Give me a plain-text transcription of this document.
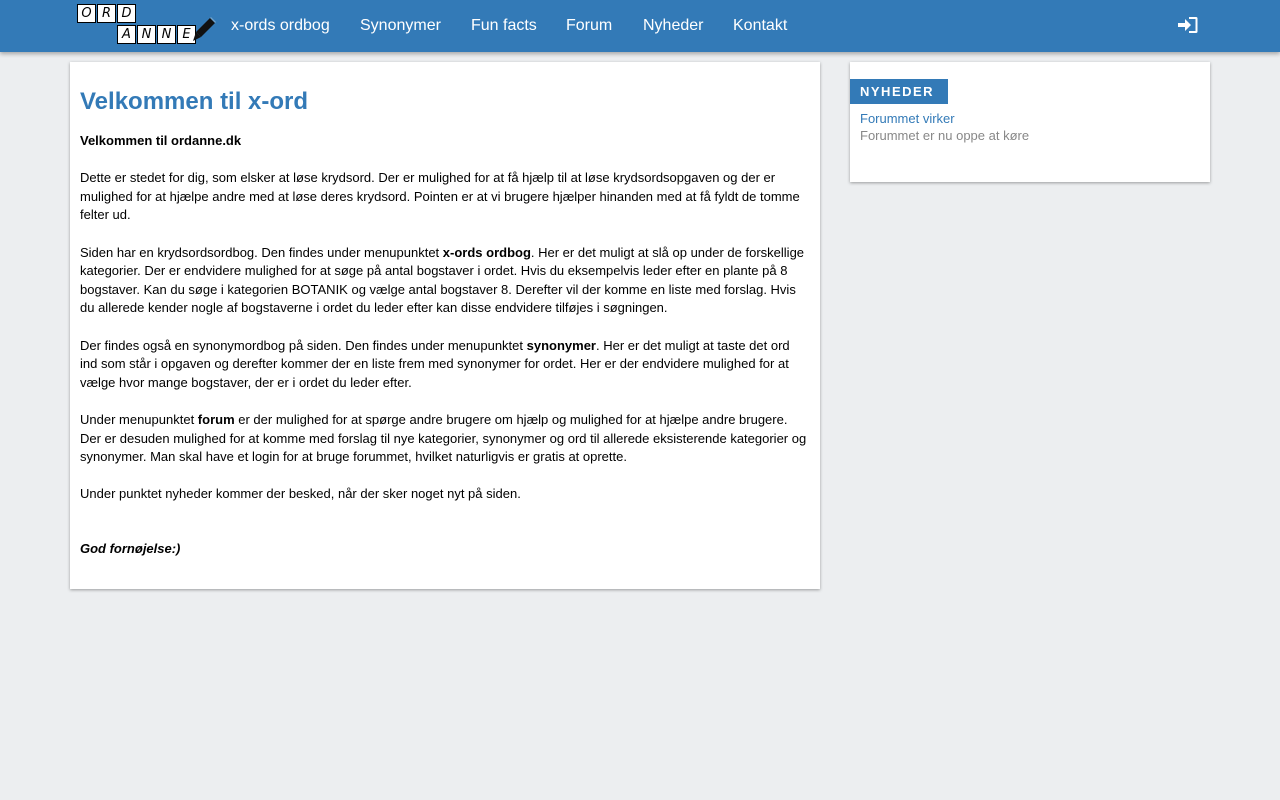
O R D
A N N E
x-ords ordbog Synonymer Fun facts Forum Nyheder Kontakt
Velkommen til x-ord

Velkommen til ordanne.dk

Dette er stedet for dig, som elsker at løse krydsord. Der er mulighed for at få hjælp til at løse krydsordsopgaven og der er mulighed for at hjælpe andre med at løse deres krydsord. Pointen er at vi brugere hjælper hinanden med at få fyldt de tomme felter ud.

Siden har en krydsordsordbog. Den findes under menupunktet x-ords ordbog. Her er det muligt at slå op under de forskellige kategorier. Der er endvidere mulighed for at søge på antal bogstaver i ordet. Hvis du eksempelvis leder efter en plante på 8 bogstaver. Kan du søge i kategorien BOTANIK og vælge antal bogstaver 8. Derefter vil der komme en liste med forslag. Hvis du allerede kender nogle af bogstaverne i ordet du leder efter kan disse endvidere tilføjes i søgningen.

Der findes også en synonymordbog på siden. Den findes under menupunktet synonymer. Her er det muligt at taste det ord ind som står i opgaven og derefter kommer der en liste frem med synonymer for ordet. Her er der endvidere mulighed for at vælge hvor mange bogstaver, der er i ordet du leder efter.

Under menupunktet forum er der mulighed for at spørge andre brugere om hjælp og mulighed for at hjælpe andre brugere. Der er desuden mulighed for at komme med forslag til nye kategorier, synonymer og ord til allerede eksisterende kategorier og synonymer. Man skal have et login for at bruge forummet, hvilket naturligvis er gratis at oprette.

Under punktet nyheder kommer der besked, når der sker noget nyt på siden.

God fornøjelse:)

NYHEDER
Forummet virker
Forummet er nu oppe at køre
